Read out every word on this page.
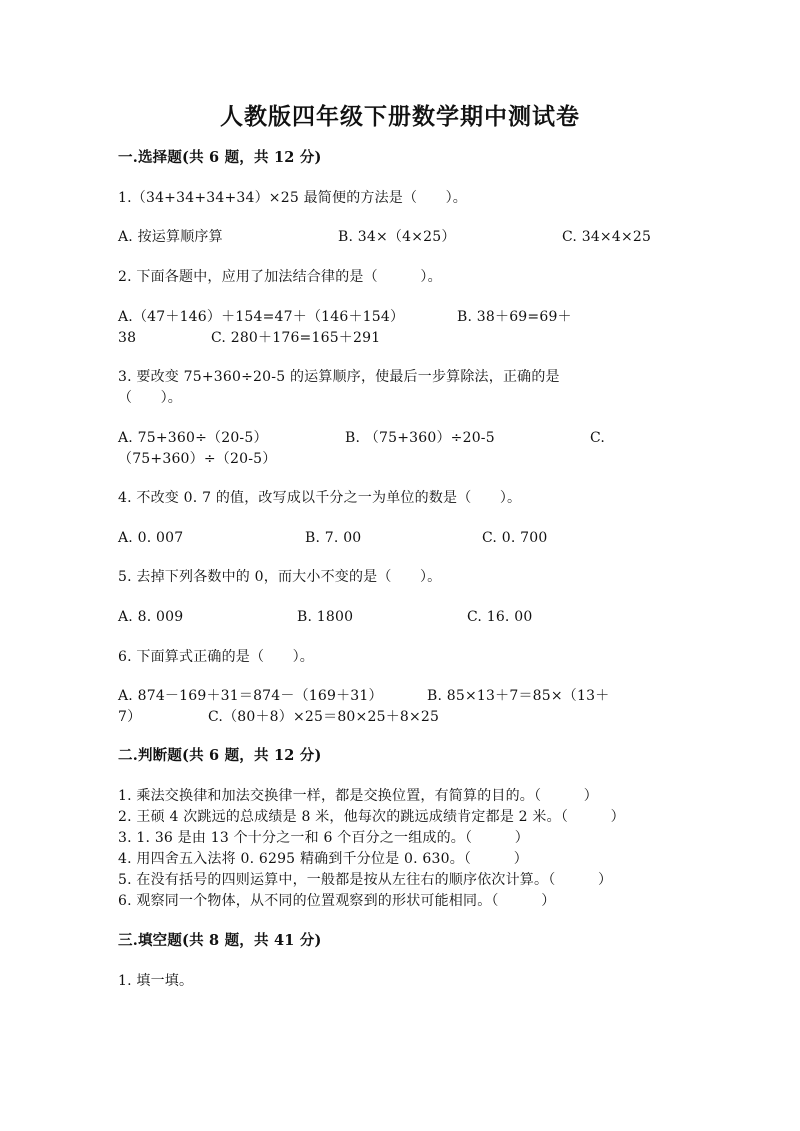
人教版四年级下册数学期中测试卷
一.选择题(共 6 题，共 12 分)
1.（34+34+34+34）×25 最简便的方法是（　　）。
A. 按运算顺序算	B. 34×（4×25）	C. 34×4×25
2. 下面各题中，应用了加法结合律的是（　　　）。
A.（47＋146）＋154=47＋（146＋154）	B. 38＋69=69＋
38	C. 280＋176=165＋291
3. 要改变 75+360÷20-5 的运算顺序，使最后一步算除法，正确的是
（　　）。
A. 75+360÷（20-5）	B. （75+360）÷20-5	C.
（75+360）÷（20-5）
4. 不改变 0. 7 的值，改写成以千分之一为单位的数是（　　）。
A. 0. 007	B. 7. 00	C. 0. 700
5. 去掉下列各数中的 0，而大小不变的是（　　）。
A. 8. 009	B. 1800	C. 16. 00
6. 下面算式正确的是（　　）。
A. 874－169＋31＝874－（169＋31）	B. 85×13＋7＝85×（13＋
7）	C.（80＋8）×25＝80×25＋8×25
二.判断题(共 6 题，共 12 分)
1. 乘法交换律和加法交换律一样，都是交换位置，有简算的目的。（　　　）
2. 王硕 4 次跳远的总成绩是 8 米，他每次的跳远成绩肯定都是 2 米。（　　　）
3. 1. 36 是由 13 个十分之一和 6 个百分之一组成的。（　　　）
4. 用四舍五入法将 0. 6295 精确到千分位是 0. 630。（　　　）
5. 在没有括号的四则运算中，一般都是按从左往右的顺序依次计算。（　　　）
6. 观察同一个物体，从不同的位置观察到的形状可能相同。（　　　）
三.填空题(共 8 题，共 41 分)
1. 填一填。
